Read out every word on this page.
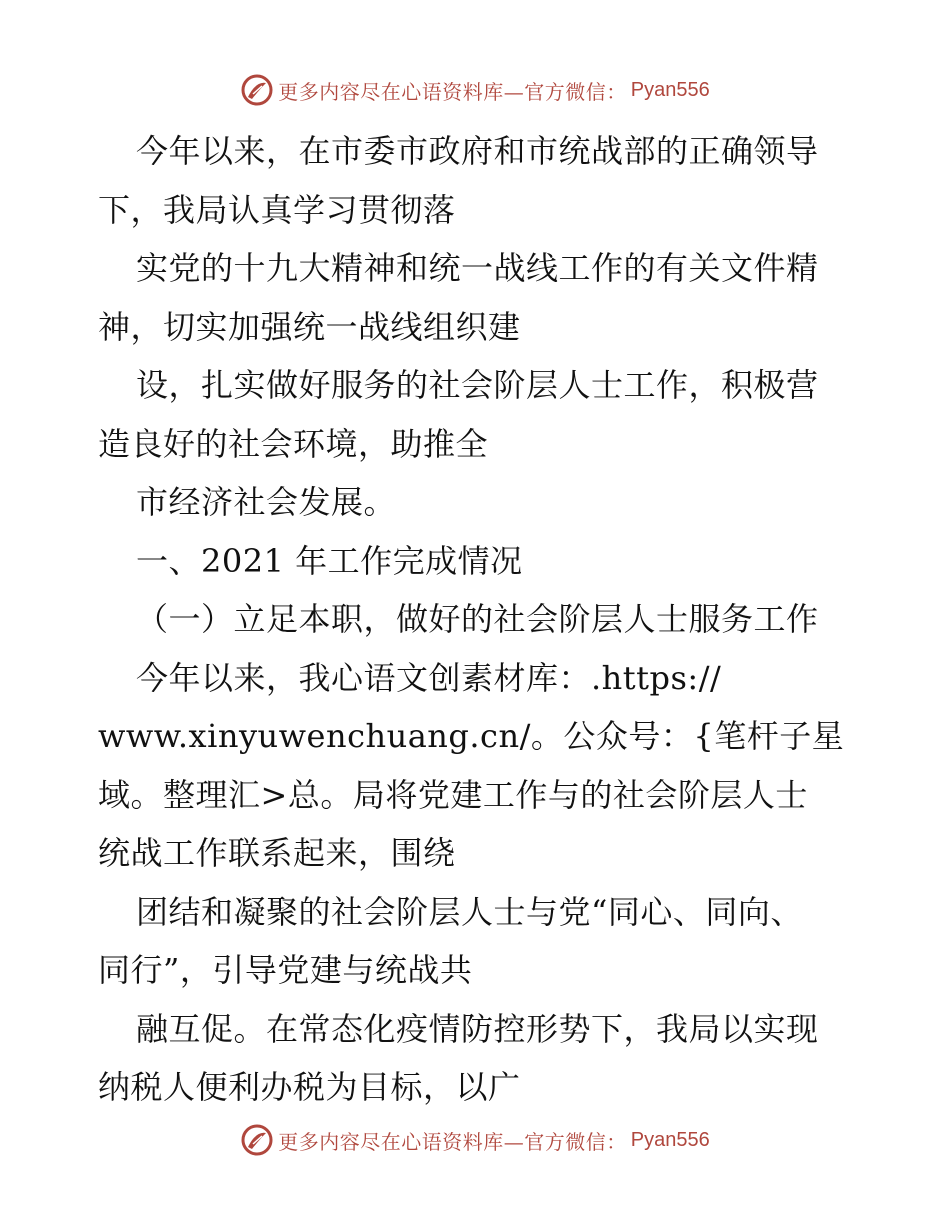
更多内容尽在心语资料库—官方微信： Pyan556
今年以来，在市委市政府和市统战部的正确领导
下，我局认真学习贯彻落
实党的十九大精神和统一战线工作的有关文件精
神，切实加强统一战线组织建
设，扎实做好服务的社会阶层人士工作，积极营
造良好的社会环境，助推全
市经济社会发展。
一、2021 年工作完成情况
（一）立足本职，做好的社会阶层人士服务工作
今年以来，我心语文创素材库：.https://
www.xinyuwenchuang.cn/。公众号：{笔杆子星
域。整理汇>总。局将党建工作与的社会阶层人士
统战工作联系起来，围绕
团结和凝聚的社会阶层人士与党“同心、同向、
同行”，引导党建与统战共
融互促。在常态化疫情防控形势下，我局以实现
纳税人便利办税为目标，以广
更多内容尽在心语资料库—官方微信： Pyan556
